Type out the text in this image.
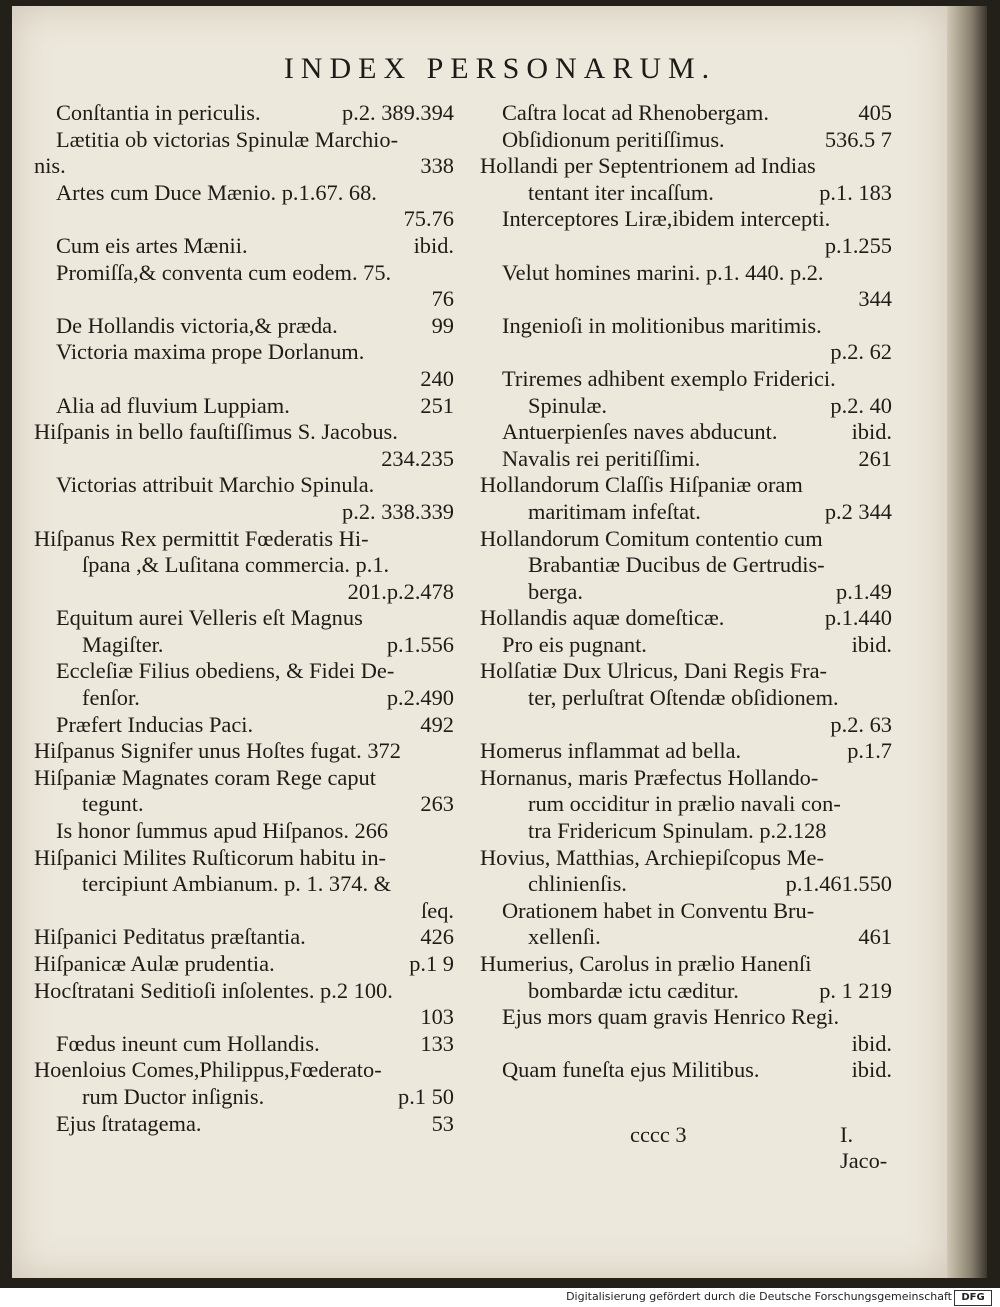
INDEX PERSONARUM.
p.2. 389.394
Conſtantia in periculis.
Lætitia ob victorias Spinulæ Marchio-
338
nis.
Artes cum Duce Mænio. p.1.67. 68.
75.76
ibid.
Cum eis artes Mænii.
Promiſſa,& conventa cum eodem. 75.
76
99
De Hollandis victoria,& præda.
Victoria maxima prope Dorlanum.
240
251
Alia ad fluvium Luppiam.
Hiſpanis in bello fauſtiſſimus S. Jacobus.
234.235
Victorias attribuit Marchio Spinula.
p.2. 338.339
Hiſpanus Rex permittit Fœderatis Hi-
ſpana ,& Luſitana commercia. p.1.
201.p.2.478
Equitum aurei Velleris eſt Magnus
p.1.556
Magiſter.
Eccleſiæ Filius obediens, & Fidei De-
p.2.490
fenſor.
492
Præfert Inducias Paci.
Hiſpanus Signifer unus Hoſtes fugat. 372
Hiſpaniæ Magnates coram Rege caput
263
tegunt.
Is honor ſummus apud Hiſpanos. 266
Hiſpanici Milites Ruſticorum habitu in-
tercipiunt Ambianum. p. 1. 374. &
ſeq.
426
Hiſpanici Peditatus præſtantia.
p.1 9
Hiſpanicæ Aulæ prudentia.
Hocſtratani Seditioſi inſolentes. p.2 100.
103
133
Fœdus ineunt cum Hollandis.
Hoenloius Comes,Philippus,Fœderato-
p.1 50
rum Ductor inſignis.
53
Ejus ſtratagema.
405
Caſtra locat ad Rhenobergam.
536.5 7
Obſidionum peritiſſimus.
Hollandi per Septentrionem ad Indias
p.1. 183
tentant iter incaſſum.
Interceptores Liræ,ibidem intercepti.
p.1.255
Velut homines marini. p.1. 440. p.2.
344
Ingenioſi in molitionibus maritimis.
p.2. 62
Triremes adhibent exemplo Friderici.
p.2. 40
Spinulæ.
ibid.
Antuerpienſes naves abducunt.
261
Navalis rei peritiſſimi.
Hollandorum Claſſis Hiſpaniæ oram
p.2 344
maritimam infeſtat.
Hollandorum Comitum contentio cum
Brabantiæ Ducibus de Gertrudis-
p.1.49
berga.
p.1.440
Hollandis aquæ domeſticæ.
ibid.
Pro eis pugnant.
Holſatiæ Dux Ulricus, Dani Regis Fra-
ter, perluſtrat Oſtendæ obſidionem.
p.2. 63
p.1.7
Homerus inflammat ad bella.
Hornanus, maris Præfectus Hollando-
rum occiditur in prælio navali con-
tra Fridericum Spinulam. p.2.128
Hovius, Matthias, Archiepiſcopus Me-
p.1.461.550
chlinienſis.
Orationem habet in Conventu Bru-
461
xellenſi.
Humerius, Carolus in prælio Hanenſi
p. 1 219
bombardæ ictu cæditur.
Ejus mors quam gravis Henrico Regi.
ibid.
ibid.
Quam funeſta ejus Militibus.
cccc 3	I. Jaco-
Digitalisierung gefördert durch die Deutsche Forschungsgemeinschaft DFG
